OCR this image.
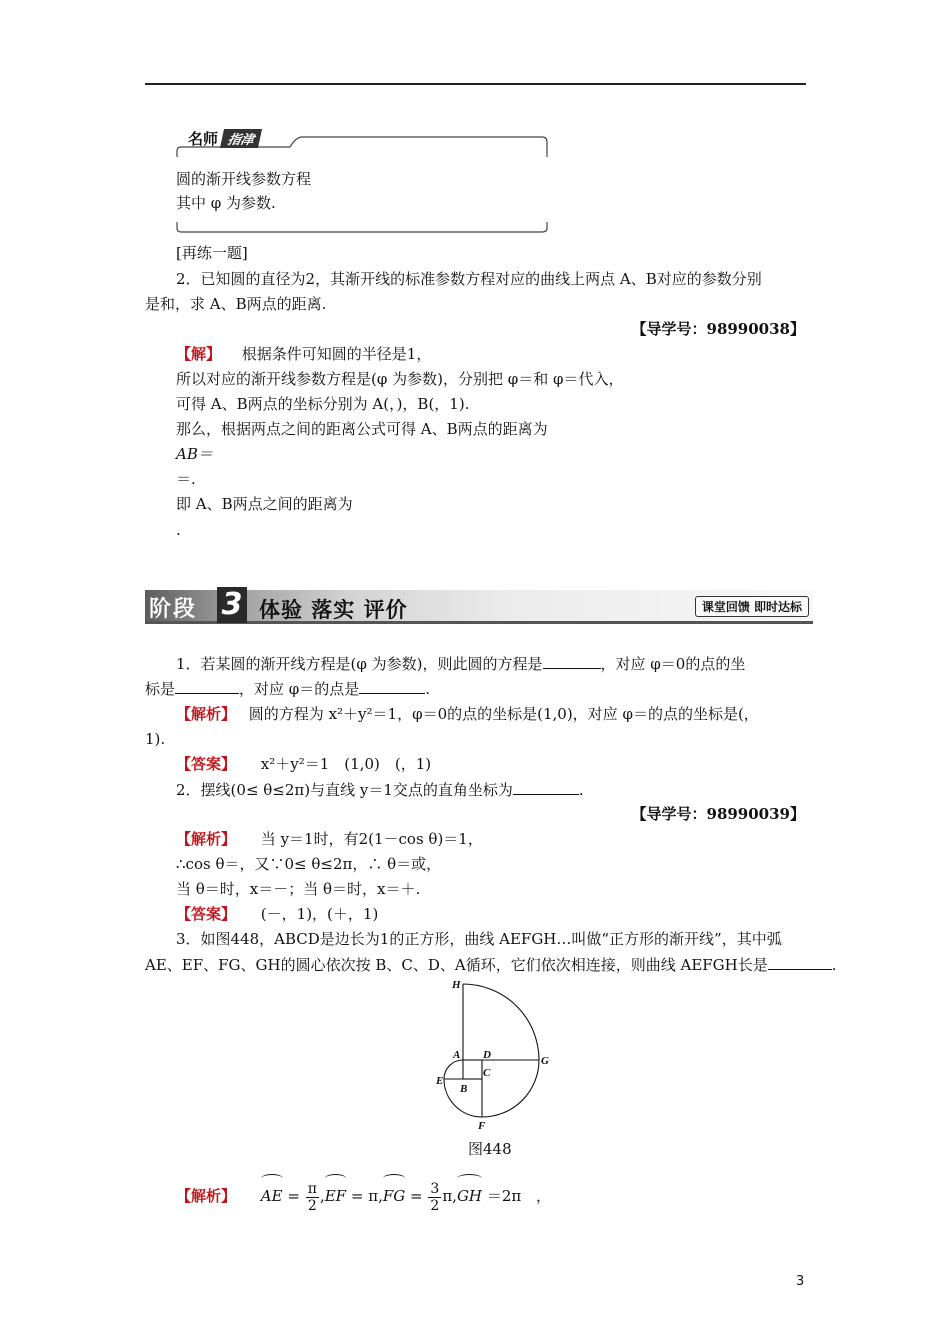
名师 指津
圆的渐开线参数方程
其中 φ 为参数.
[再练一题]
2．已知圆的直径为2，其渐开线的标准参数方程对应的曲线上两点 A、B对应的参数分别
是和，求 A、B两点的距离.
【导学号：98990038】
【解】 根据条件可知圆的半径是1，
所以对应的渐开线参数方程是(φ 为参数)，分别把 φ＝和 φ＝代入，
可得 A、B两点的坐标分别为 A(，)，B(，1).
那么，根据两点之间的距离公式可得 A、B两点的距离为
AB＝
＝.
即 A、B两点之间的距离为
.
阶段 3 体验 落实 评价	课堂回馈 即时达标
1．若某圆的渐开线方程是(φ 为参数)，则此圆的方程是	，对应 φ＝0的点的坐
标是	，对应 φ＝的点是	.
【解析】 圆的方程为 x²＋y²＝1，φ＝0的点的坐标是(1,0)，对应 φ＝的点的坐标是(，
1).
【答案】 x²＋y²＝1　(1,0)　(，1)
2．摆线(0≤ θ≤2π)与直线 y＝1交点的直角坐标为	.
【导学号：98990039】
【解析】 当 y＝1时，有2(1－cos θ)＝1，
∴cos θ＝，又∵0≤ θ≤2π，∴ θ＝或，
当 θ＝时，x＝－；当 θ＝时，x＝＋.
【答案】 (－，1)，(＋，1)
3．如图448，ABCD是边长为1的正方形，曲线 AEFGH…叫做“正方形的渐开线”，其中弧
AE、EF、FG、GH的圆心依次按 B、C、D、A循环，它们依次相连接，则曲线 AEFGH长是	.
H
A D	G
E
B
C
F
图448
【解析】 AE = $\frac{\pi}{2} ,EF = \pi,FG = \frac{3}{2} \pi,GH =2\pi$ ，
3
